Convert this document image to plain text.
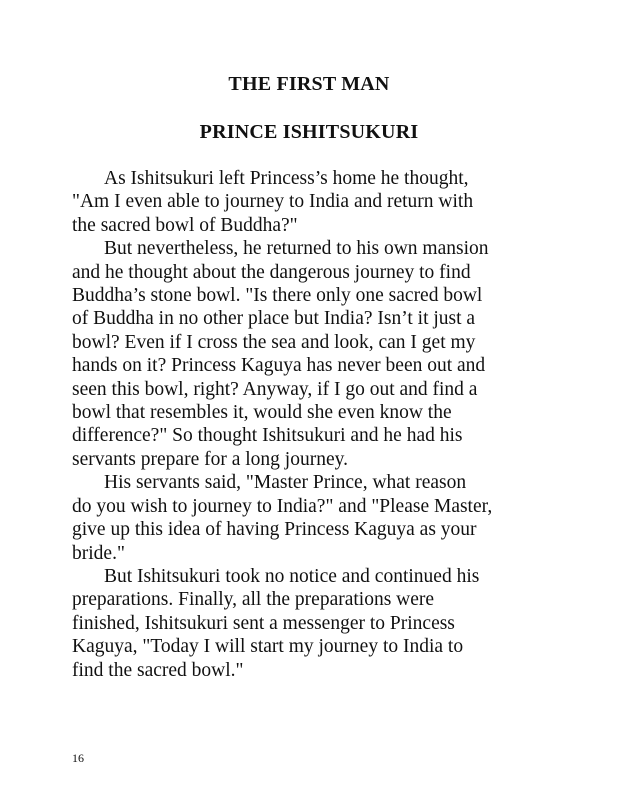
THE FIRST MAN
PRINCE ISHITSUKURI

As Ishitsukuri left Princess’s home he thought,
"Am I even able to journey to India and return with
the sacred bowl of Buddha?"

But nevertheless, he returned to his own mansion
and he thought about the dangerous journey to find
Buddha’s stone bowl. "Is there only one sacred bowl
of Buddha in no other place but India? Isn’t it just a
bowl? Even if I cross the sea and look, can I get my
hands on it? Princess Kaguya has never been out and
seen this bowl, right? Anyway, if I go out and find a
bowl that resembles it, would she even know the
difference?" So thought Ishitsukuri and he had his
servants prepare for a long journey.

His servants said, "Master Prince, what reason
do you wish to journey to India?" and "Please Master,
give up this idea of having Princess Kaguya as your
bride."

But Ishitsukuri took no notice and continued his
preparations. Finally, all the preparations were
finished, Ishitsukuri sent a messenger to Princess
Kaguya, "Today I will start my journey to India to
find the sacred bowl."

16
